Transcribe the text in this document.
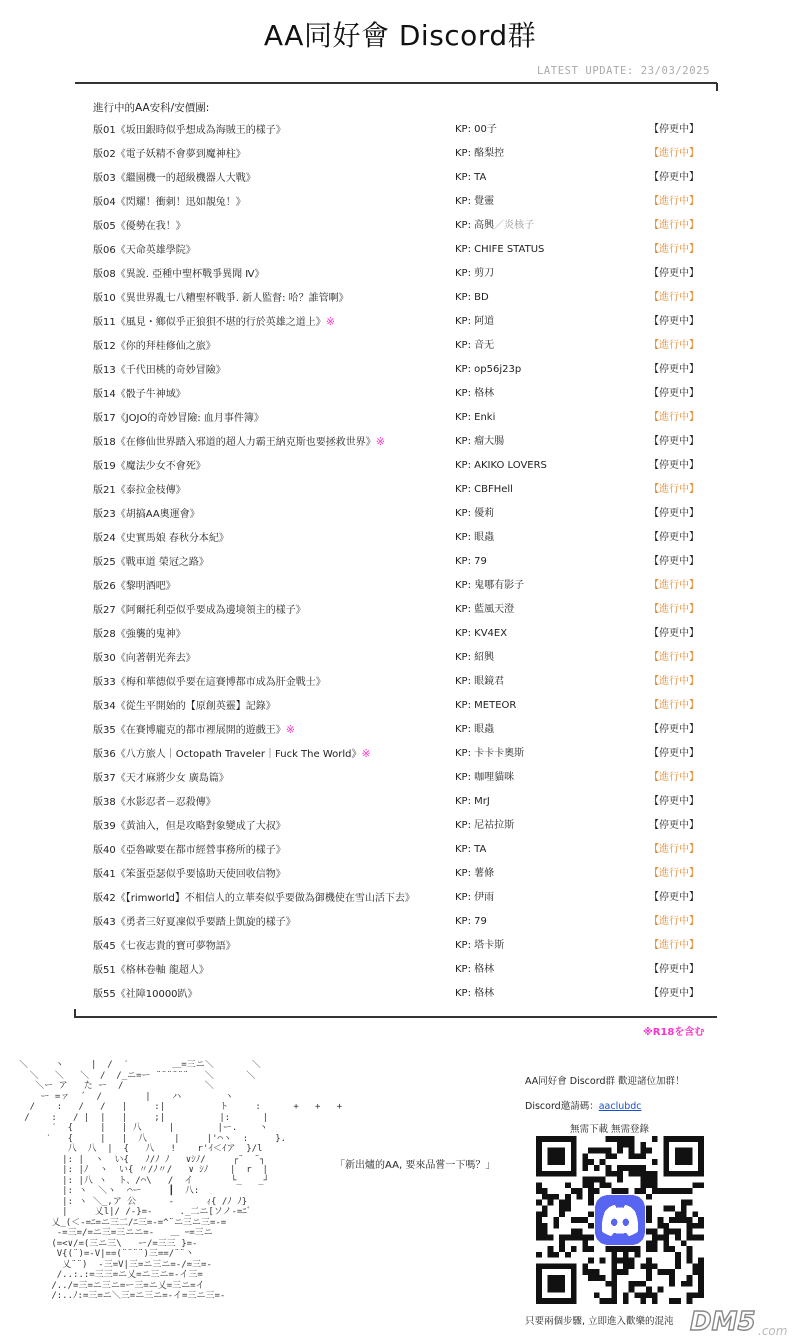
AA同好會 Discord群
LATEST UPDATE: 23/03/2025
進行中的AA安科/安價團:
版01《坂田銀時似乎想成為海賊王的樣子》	KP: 00子	【停更中】
版02《電子妖精不會夢到魔神柱》	KP: 酪梨控	【進行中】
版03《繼園機一的超級機器人大戰》	KP: TA	【停更中】
版04《閃耀！衝刺！迅如靚兔！》	KP: 覺靈	【進行中】
版05《優勢在我！》	KP: 高興／炎核子	【進行中】
版06《天命英雄學院》	KP: CHIFE STATUS	【進行中】
版08《異說. 亞種中聖杯戰爭異聞 Ⅳ》	KP: 剪刀	【停更中】
版10《異世界亂七八糟聖杯戰爭. 新人監督: 哈？誰管啊》	KP: BD	【進行中】
版11《風見・鄉似乎正狼狽不堪的行於英雄之道上》※	KP: 阿道	【停更中】
版12《你的拜桂修仙之旅》	KP: 音无	【進行中】
版13《千代田桃的奇妙冒險》	KP: op56j23p	【停更中】
版14《骰子牛神域》	KP: 格林	【停更中】
版17《JOJO的奇妙冒險: 血月事件簿》	KP: Enki	【進行中】
版18《在修仙世界踏入邪道的超人力霸王納克斯也要拯救世界》※	KP: 瘤大腸	【停更中】
版19《魔法少女不會死》	KP: AKIKO LOVERS	【停更中】
版21《泰拉金枝傳》	KP: CBFHell	【進行中】
版23《胡搞AA奧運會》	KP: 優莉	【停更中】
版24《史實馬娘 春秋分本紀》	KP: 眼蟲	【停更中】
版25《戰車道 榮冠之路》	KP: 79	【停更中】
版26《黎明酒吧》	KP: 鬼哪有影子	【進行中】
版27《阿爾托利亞似乎要成為邊境領主的樣子》	KP: 藍風天澄	【進行中】
版28《強襲的鬼神》	KP: KV4EX	【停更中】
版30《向著朝光奔去》	KP: 紹興	【進行中】
版33《梅和華德似乎要在這賽博都市成為肝金戰士》	KP: 眼鏡君	【進行中】
版34《從生平開始的【原創英靈】記錄》	KP: METEOR	【進行中】
版35《在賽博龐克的都市裡展開的遊戲王》※	KP: 眼蟲	【停更中】
版36《八方旅人｜Octopath Traveler｜Fuck The World》※	KP: 卡卡卡奧斯	【停更中】
版37《天才麻將少女 廣島篇》	KP: 咖哩貓咪	【進行中】
版38《水影忍者－忍殺傳》	KP: MrJ	【停更中】
版39《黃油入，但是攻略對象變成了大叔》	KP: 尼祜拉斯	【停更中】
版40《亞魯歐要在都市經營事務所的樣子》	KP: TA	【進行中】
版41《笨蛋亞瑟似乎要協助天使回收信物》	KP: 薯條	【進行中】
版42《【rimworld】不相信人的立華奏似乎要做為御機使在雪山活下去》	KP: 伊雨	【停更中】
版43《勇者三好夏凜似乎要踏上凱旋的樣子》	KP: 79	【進行中】
版45《七夜志貴的寶可夢物語》	KP: 塔卡斯	【進行中】
版51《格林卷軸 龍超人》	KP: 格林	【停更中】
版55《社障10000趴》	KP: 格林	【停更中】
※R18を含む
＼     ヽ     |  /  ′        ＿=三ニ＼       ＼
＼   ＼   ＼  /  /_ニ=ー ¨¨¨¨¨¨   ＼      ＼
＼ー ア   た ー  /               ＼
ー =ァ  ´  /        |    ハ        ヽ
/    :   /   /   |     :|          ト     :      +   +   +
/    :   / |  |   |     ;|          |:      |
′  {     |   | 八     |        |ー.    ヽ
′   {     |   |  八     |     |'⌒ヽ  :     }.
八  八  |  {   八   !    r'ｲ＜ｲア  }/l
|: |  ヽ  い{   ﾉ/ﾉ ﾉ   ∨ｼﾉ/     ┌¨  ¨┐
|: |ﾉ  ヽ  い{ 〃/ﾉ〃/   ∨ ｼﾉ    |  r  |
|: |八 ヽ  ト、/⌒\   /  イ       └_   _┘
|: ヽ  ＼ヽ  ⌒ー     ┃  八:
|: ヽ ＼_,ア 公      -      ｨ{ /ﾉ ﾉ}
|     乂l|/ /‐}=-     ._二ニ[ソノ‐=ﾆﾞ
乂_(＜-=ﾆ=ニ三二/ﾆ三=-=^¨ニ三ニ三=-=
-=三=/=ニ三=三ニニ=-   ＿ ｰ=三ニ
(=<∨/=(三ニ三\   ー/=三三 }=-
V{(¨)=-V|==(¨¨¨¨)三==/¨¨丶
乂¨¨)  -三=V|三=ニ三ニ=-/=三=-
/..:.:=三三=ニ乂=ニ三ニ=-イ三=
/../=三=ニ三ニ=ー三=ニ乂=三ニ=イ
/:..ﾉ:=三=ニ＼三=ニ三ニ=-イ=三ニ三=-
「新出爐的AA, 要來品嘗一下嗎？」
AA同好會 Discord群 歡迎諸位加群！
Discord邀請碼：aaclubdc
無需下載 無需登錄
只要兩個步驟, 立即進入歡樂的混沌 DM5 .com
